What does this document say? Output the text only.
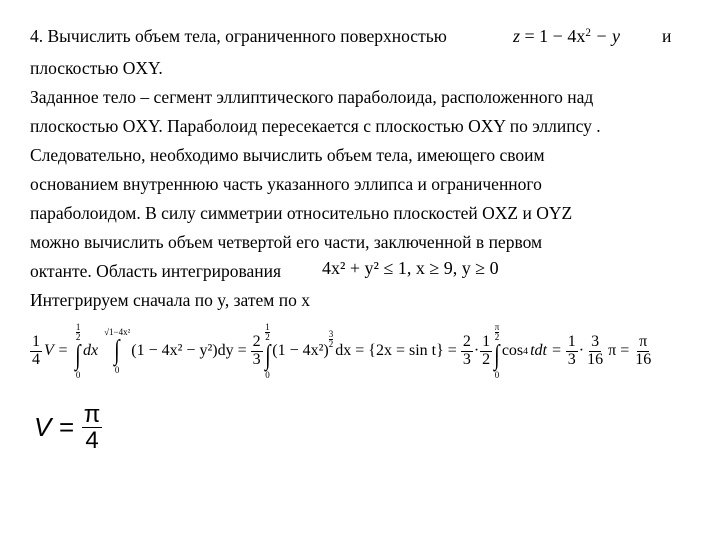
4. Вычислить объем тела, ограниченного поверхностью	$z = 1 - 4x^2 - y$ и
плоскостью OXY.
Заданное тело – сегмент эллиптического параболоида, расположенного над
плоскостью OXY. Параболоид пересекается с плоскостью OXY по эллипсу .
Следовательно, необходимо вычислить объем тела, имеющего своим
основанием внутреннюю часть указанного эллипса и ограниченного
параболоидом. В силу симметрии относительно плоскостей OXZ и OYZ
можно вычислить объем четвертой его части, заключенной в первом
октанте. Область интегрирования 4x² + y² ≤ 1, x ≥ 9, y ≥ 0
Интегрируем сначала по y, затем по x
$\frac{1}{4}$ V =
$\frac{1}{2}$
∫
0
dx
√1−4x²
∫
0
$(1 - 4x^2 - y^2)dy = \frac{2}{3}$
$\frac{1}{2}$
∫
0
(1 − 4x²)
$\frac{3}{2}$
dx = $\{2x = \sin t\} = \frac{2}{3} \cdot \frac{1}{2}$
$\frac{\pi}{2}$
∫
0
cos 4 tdt = $\frac{1}{3} \cdot \frac{3}{16}$ $\pi = \frac{\pi}{16}$
$V = \frac{\pi}{4}$
